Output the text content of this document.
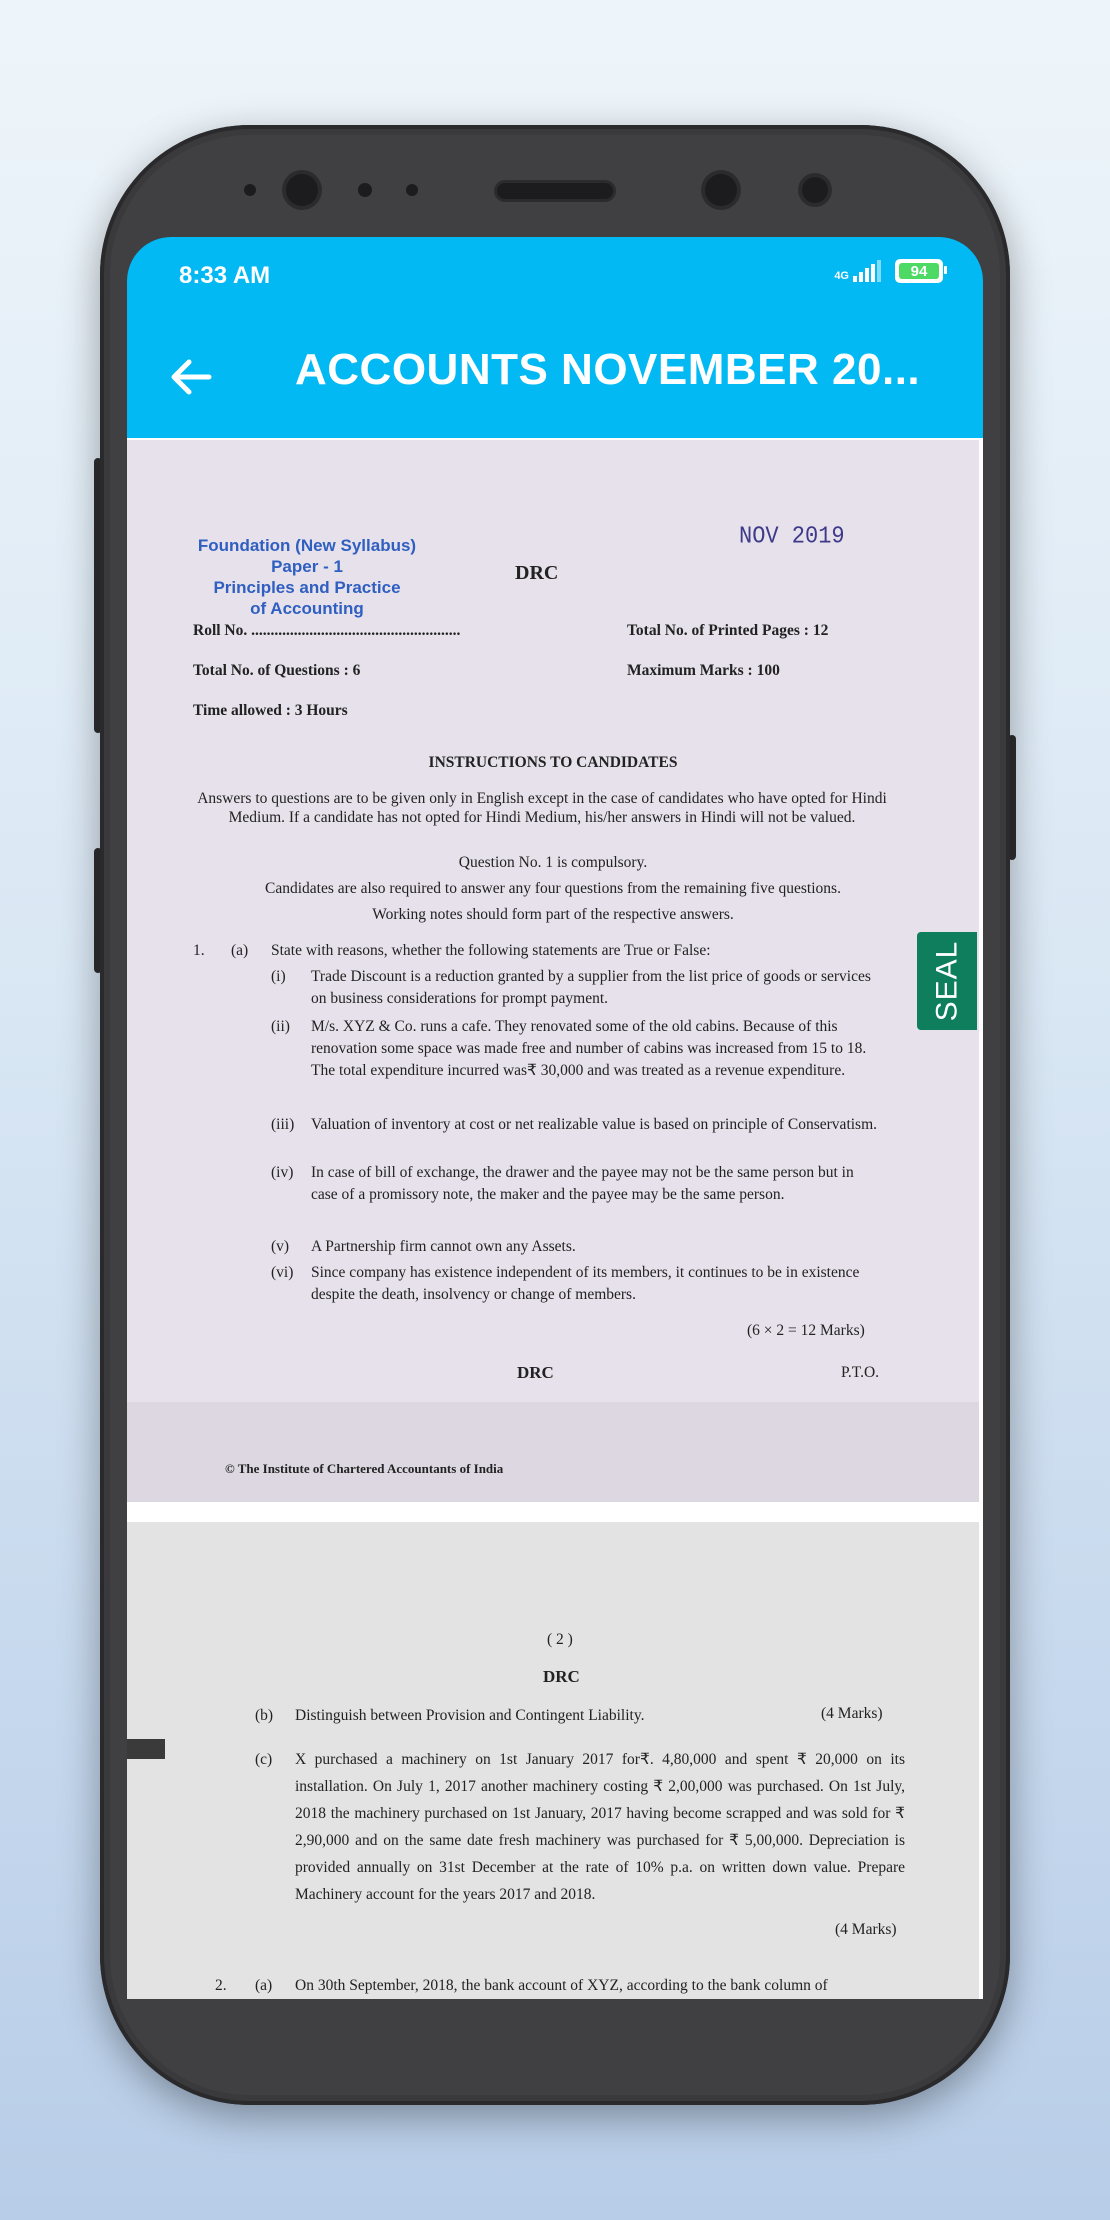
8:33 AM	4G	94
ACCOUNTS NOVEMBER 20...
Foundation (New Syllabus)
Paper - 1
Principles and Practice
of Accounting
NOV 2019
DRC
Roll No. ......................................................	Total No. of Printed Pages : 12
Total No. of Questions : 6	Maximum Marks : 100
Time allowed : 3 Hours
INSTRUCTIONS TO CANDIDATES
Answers to questions are to be given only in English except in the case of candidates who have opted for Hindi Medium. If a candidate has not opted for Hindi Medium, his/her answers in Hindi will not be valued.
Question No. 1 is compulsory.
Candidates are also required to answer any four questions from the remaining five questions.
Working notes should form part of the respective answers.
1. (a) State with reasons, whether the following statements are True or False:
(i) Trade Discount is a reduction granted by a supplier from the list price of goods or services on business considerations for prompt payment.
(ii) M/s. XYZ & Co. runs a cafe. They renovated some of the old cabins. Because of this renovation some space was made free and number of cabins was increased from 15 to 18. The total expenditure incurred was₹ 30,000 and was treated as a revenue expenditure.
(iii) Valuation of inventory at cost or net realizable value is based on principle of Conservatism.
(iv) In case of bill of exchange, the drawer and the payee may not be the same person but in case of a promissory note, the maker and the payee may be the same person.
(v) A Partnership firm cannot own any Assets.
(vi) Since company has existence independent of its members, it continues to be in existence despite the death, insolvency or change of members.
(6 × 2 = 12 Marks)
DRC	P.T.O.
© The Institute of Chartered Accountants of India
SEAL
( 2 )
DRC
(b) Distinguish between Provision and Contingent Liability.	(4 Marks)
(c) X purchased a machinery on 1st January 2017 for₹. 4,80,000 and spent ₹ 20,000 on its installation. On July 1, 2017 another machinery costing ₹ 2,00,000 was purchased. On 1st July, 2018 the machinery purchased on 1st January, 2017 having become scrapped and was sold for ₹ 2,90,000 and on the same date fresh machinery was purchased for ₹ 5,00,000. Depreciation is provided annually on 31st December at the rate of 10% p.a. on written down value. Prepare Machinery account for the years 2017 and 2018.
(4 Marks)
2. (a) On 30th September, 2018, the bank account of XYZ, according to the bank column of
